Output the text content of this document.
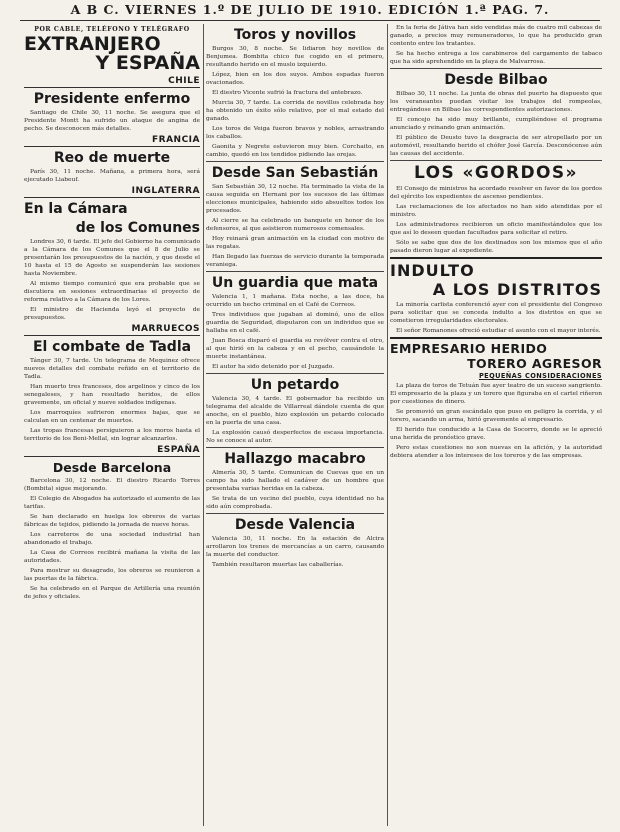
A B C. VIERNES 1.º DE JULIO DE 1910. EDICIÓN 1.ª PAG. 7.
POR CABLE, TELÉFONO Y TELÉGRAFO
EXTRANJERO
Y ESPAÑA
CHILE
Presidente enfermo

Santiago de Chile 30, 11 noche. Se asegura que el Presidente Montt ha sufrido un ataque de angina de pecho. Se desconocen más detalles.

FRANCIA
Reo de muerte

París 30, 11 noche. Mañana, a primera hora, será ejecutado Liabeuf.

INGLATERRA
En la Cámara
de los Comunes

Londres 30, 6 tarde. El jefe del Gobierno ha comunicado a la Cámara de los Comunes que el 8 de Julio se presentarán los presupuestos de la nación, y que desde el 10 hasta el 15 de Agosto se suspenderán las sesiones hasta Noviembre.

Al mismo tiempo comunicó que era probable que se discutiera en sesiones extraordinarias el proyecto de reforma relativo a la Cámara de los Lores.

El ministro de Hacienda leyó el proyecto de presupuestos.

MARRUECOS
El combate de Tadla

Tánger 30, 7 tarde. Un telegrama de Mequinez ofrece nuevos detalles del combate reñido en el territorio de Tadla.

Han muerto tres franceses, dos argelinos y cinco de los senegaleses, y han resultado heridos, de ellos gravemente, un oficial y nueve soldados indígenas.

Los marroquíes sufrieron enormes bajas, que se calculan en un centenar de muertos.

Las tropas francesas persiguieron a los moros hasta el territorio de los Beni-Mellal, sin lograr alcanzarlos.

ESPAÑA
Desde Barcelona

Barcelona 30, 12 noche. El diestro Ricardo Torres (Bombita) sigue mejorando.

El Colegio de Abogados ha autorizado el aumento de las tarifas.

Se han declarado en huelga los obreros de varias fábricas de tejidos, pidiendo la jornada de nueve horas.

Los carreteros de una sociedad industrial han abandonado el trabajo.

La Casa de Correos recibirá mañana la visita de las autoridades.

Para mostrar su desagrado, los obreros se reunieron a las puertas de la fábrica.

Se ha celebrado en el Parque de Artillería una reunión de jefes y oficiales.

Toros y novillos

Burgos 30, 8 noche. Se lidiaron hoy novillos de Benjumea. Bombita chico fue cogido en el primero, resultando herido en el muslo izquierdo.

López, bien en los dos suyos. Ambos espadas fueron ovacionados.

El diestro Vicente sufrió la fractura del antebrazo.

Murcia 30, 7 tarde. La corrida de novillos celebrada hoy ha obtenido un éxito sólo relativo, por el mal estado del ganado.

Los toros de Veiga fueron bravos y nobles, arrastrando los caballos.

Gaonita y Negrete estuvieron muy bien. Corchaito, en cambio, quedó en los tendidos pidiendo las orejas.

Desde San Sebastián

San Sebastián 30, 12 noche. Ha terminado la vista de la causa seguida en Hernani por los sucesos de las últimas elecciones municipales, habiendo sido absueltos todos los procesados.

Al cierre se ha celebrado un banquete en honor de los defensores, al que asistieron numerosos comensales.

Hoy reinará gran animación en la ciudad con motivo de las regatas.

Han llegado las fuerzas de servicio durante la temporada veraniega.

Un guardia que mata

Valencia 1, 1 mañana. Esta noche, a las doce, ha ocurrido un hecho criminal en el Café de Correos.

Tres individuos que jugaban al dominó, uno de ellos guardia de Seguridad, disputaron con un individuo que se hallaba en el café.

Juan Bosca disparó el guardia su revólver contra el otro, al que hirió en la cabeza y en el pecho, causándole la muerte instantánea.

El autor ha sido detenido por el Juzgado.

Un petardo

Valencia 30, 4 tarde. El gobernador ha recibido un telegrama del alcalde de Villarreal dándole cuenta de que anoche, en el pueblo, hizo explosión un petardo colocado en la puerta de una casa.

La explosión causó desperfectos de escasa importancia. No se conoce al autor.

Hallazgo macabro

Almería 30, 5 tarde. Comunican de Cuevas que en un campo ha sido hallado el cadáver de un hombre que presentaba varias heridas en la cabeza.

Se trata de un vecino del pueblo, cuya identidad no ha sido aún comprobada.

Desde Valencia

Valencia 30, 11 noche. En la estación de Alcira arrollaron los trenes de mercancías a un carro, causando la muerte del conductor.

También resultaron muertas las caballerías.

En la feria de Játiva han sido vendidas más de cuatro mil cabezas de ganado, a precios muy remuneradores, lo que ha producido gran contento entre los tratantes.

Se ha hecho entrega a los carabineros del cargamento de tabaco que ha sido aprehendido en la playa de Malvarrosa.

Desde Bilbao

Bilbao 30, 11 noche. La junta de obras del puerto ha dispuesto que los veraneantes puedan visitar los trabajos del rompeolas, entregándose en Bilbao las correspondientes autorizaciones.

El concejo ha sido muy brillante, cumpliéndose el programa anunciado y reinando gran animación.

El público de Deusto tuvo la desgracia de ser atropellado por un automóvil, resultando herido el chófer José García. Desconócense aún las causas del accidente.

LOS «GORDOS»

El Consejo de ministros ha acordado resolver en favor de los gordos del ejército los expedientes de ascenso pendientes.

Las reclamaciones de los afectados no han sido atendidas por el ministro.

Los administradores recibieron un oficio manifestándoles que los que así lo deseen quedan facultados para solicitar el retiro.

Sólo se sabe que dos de los destinados son los mismos que el año pasado dieron lugar al expediente.

INDULTO
A LOS DISTRITOS

La minoría carlista conferenció ayer con el presidente del Congreso para solicitar que se conceda indulto a los distritos en que se cometieron irregularidades electorales.

El señor Romanones ofreció estudiar el asunto con el mayor interés.

EMPRESARIO HERIDO
TORERO AGRESOR
PEQUEÑAS CONSIDERACIONES

La plaza de toros de Tetuán fue ayer teatro de un suceso sangriento. El empresario de la plaza y un torero que figuraba en el cartel riñeron por cuestiones de dinero.

Se promovió un gran escándalo que puso en peligro la corrida, y el torero, sacando un arma, hirió gravemente al empresario.

El herido fue conducido a la Casa de Socorro, donde se le apreció una herida de pronóstico grave.

Pero estas cuestiones no son nuevas en la afición, y la autoridad debiera atender a los intereses de los toreros y de las empresas.
